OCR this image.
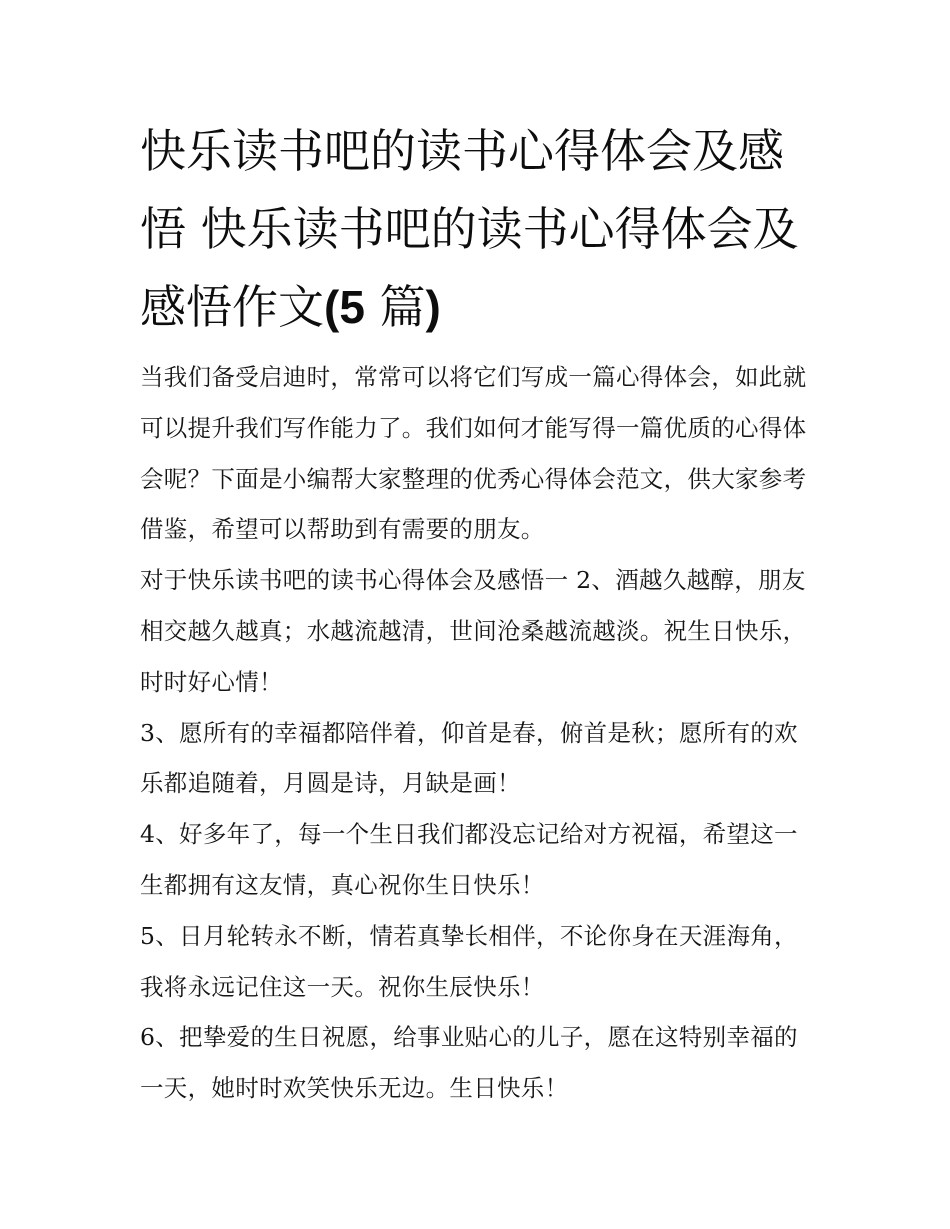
快乐读书吧的读书心得体会及感悟 快乐读书吧的读书心得体会及感悟作文(5 篇)

当我们备受启迪时，常常可以将它们写成一篇心得体会，如此就可以提升我们写作能力了。我们如何才能写得一篇优质的心得体会呢？下面是小编帮大家整理的优秀心得体会范文，供大家参考借鉴，希望可以帮助到有需要的朋友。

对于快乐读书吧的读书心得体会及感悟一 2、酒越久越醇，朋友相交越久越真；水越流越清，世间沧桑越流越淡。祝生日快乐，时时好心情！

3、愿所有的幸福都陪伴着，仰首是春，俯首是秋；愿所有的欢乐都追随着，月圆是诗，月缺是画！

4、好多年了，每一个生日我们都没忘记给对方祝福，希望这一生都拥有这友情，真心祝你生日快乐！

5、日月轮转永不断，情若真挚长相伴，不论你身在天涯海角，我将永远记住这一天。祝你生辰快乐！

6、把挚爱的生日祝愿，给事业贴心的儿子，愿在这特别幸福的一天，她时时欢笑快乐无边。生日快乐！
